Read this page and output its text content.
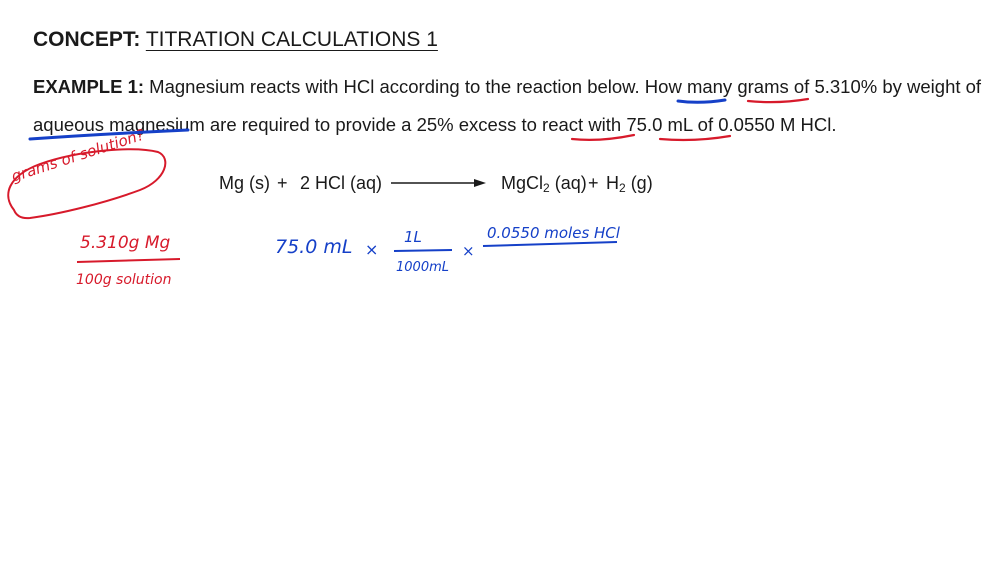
CONCEPT: TITRATION CALCULATIONS 1
EXAMPLE 1: Magnesium reacts with HCl according to the reaction below. How many grams of 5.310% by weight of
aqueous magnesium are required to provide a 25% excess to react with 75.0 mL of 0.0550 M HCl.
Mg (s) + 2 HCl (aq)	MgCl$_2$ $(aq) + H_2$ (g)
grams of solution?
5.310g Mg
100g solution
75.0 mL ×
1L
1000mL
×
0.0550 moles HCl
